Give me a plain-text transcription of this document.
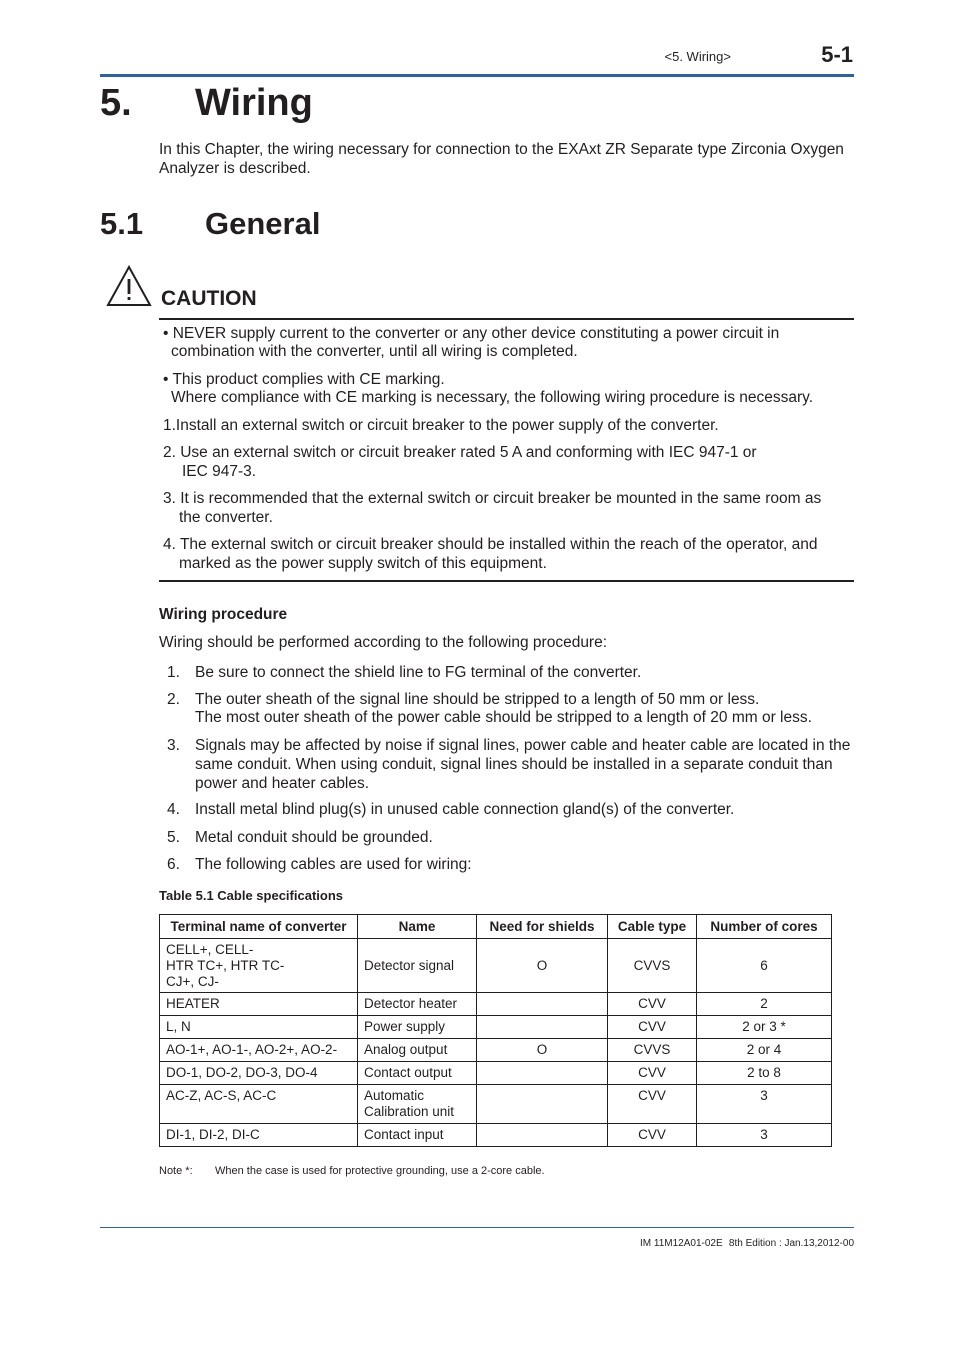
<5. Wiring>	5-1
5. Wiring
In this Chapter, the wiring necessary for connection to the EXAxt ZR Separate type Zirconia Oxygen Analyzer is described.
5.1 General
CAUTION
• NEVER supply current to the converter or any other device constituting a power circuit in
combination with the converter, until all wiring is completed.
• This product complies with CE marking.
Where compliance with CE marking is necessary, the following wiring procedure is necessary.
1.Install an external switch or circuit breaker to the power supply of the converter.
2. Use an external switch or circuit breaker rated 5 A and conforming with IEC 947-1 or
IEC 947-3.
3. It is recommended that the external switch or circuit breaker be mounted in the same room as
the converter.
4. The external switch or circuit breaker should be installed within the reach of the operator, and
marked as the power supply switch of this equipment.
Wiring procedure
Wiring should be performed according to the following procedure:
1. Be sure to connect the shield line to FG terminal of the converter.
2. The outer sheath of the signal line should be stripped to a length of 50 mm or less.
The most outer sheath of the power cable should be stripped to a length of 20 mm or less.
3. Signals may be affected by noise if signal lines, power cable and heater cable are located in the same conduit. When using conduit, signal lines should be installed in a separate conduit than power and heater cables.
4. Install metal blind plug(s) in unused cable connection gland(s) of the converter.
5. Metal conduit should be grounded.
6. The following cables are used for wiring:
Table 5.1 Cable specifications
Terminal name of converter	Name	Need for shields	Cable type	Number of cores

CELL+, CELL-
HTR TC+, HTR TC-
CJ+, CJ-	Detector signal	O	CVVS	6
HEATER	Detector heater		CVV	2
L, N	Power supply		CVV	2 or 3 *
AO-1+, AO-1-, AO-2+, AO-2-	Analog output	O	CVVS	2 or 4
DO-1, DO-2, DO-3, DO-4	Contact output		CVV	2 to 8
AC-Z, AC-S, AC-C	Automatic
Calibration unit		CVV	3
DI-1, DI-2, DI-C	Contact input		CVV	3
Note *: When the case is used for protective grounding, use a 2-core cable.
IM 11M12A01-02E 8th Edition : Jan.13,2012-00
